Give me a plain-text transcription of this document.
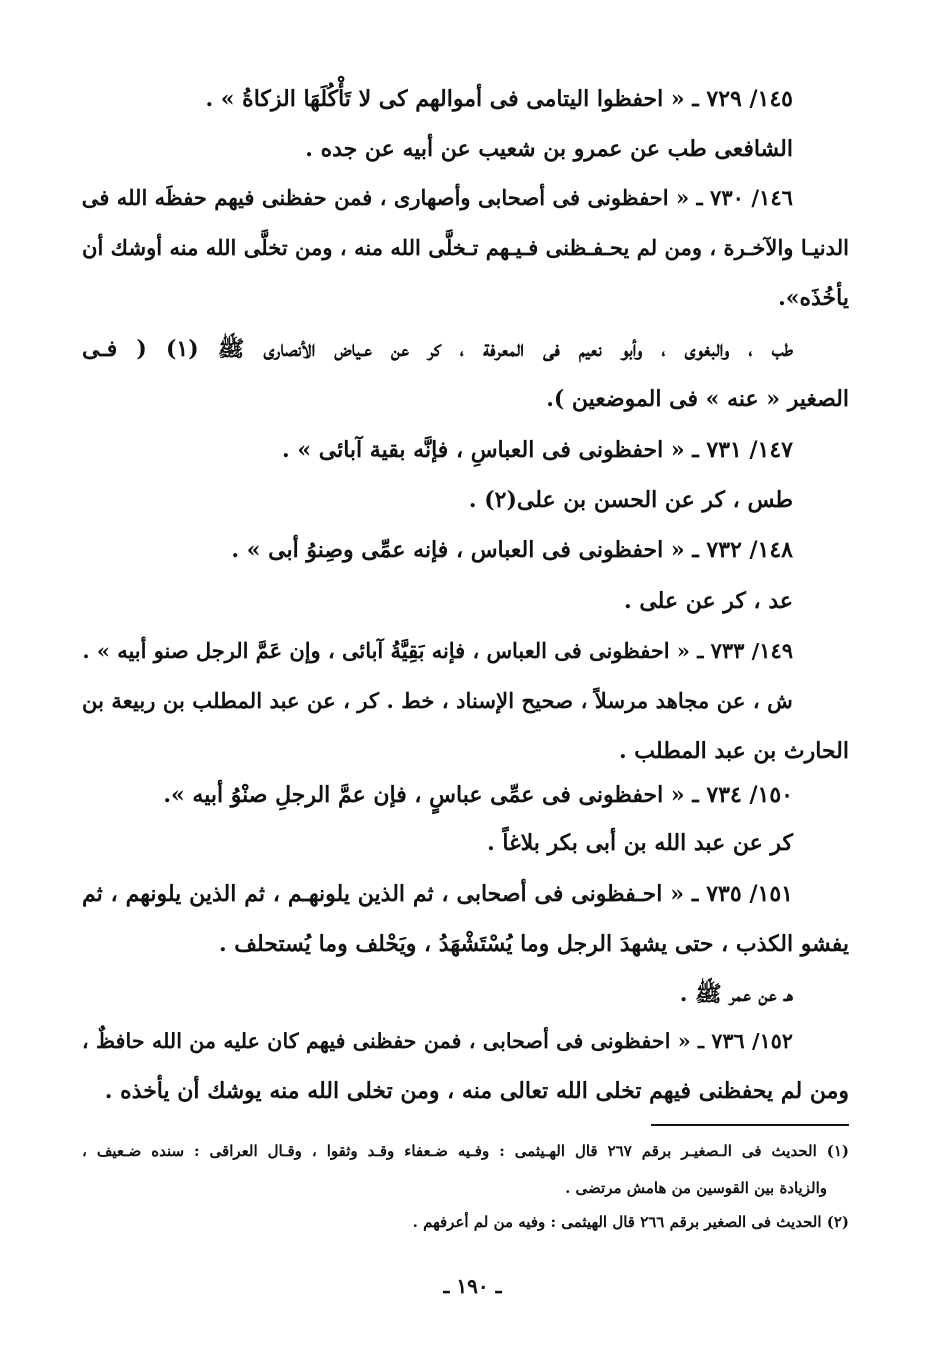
١٤٥/ ٧٢٩ ـ « احفظوا اليتامى فى أموالهم كى لا تَأْكُلَهَا الزكاةُ » .
الشافعى طب عن عمرو بن شعيب عن أبيه عن جده .
١٤٦/ ٧٣٠ ـ « احفظونى فى أصحابى وأصهارى ، فمن حفظنى فيهم حفظَه الله فى
الدنيـا والآخـرة ، ومن لم يحـفـظنى فـيـهم تـخلَّى الله منه ، ومن تخلَّى الله منه أوشك أن
يأخُذَه».
طب ، والبغوى ، وأبو نعيم فى المعرفة ، كر عن عـياض الأنصارى ﷺ (١) ( فـى
الصغير « عنه » فى الموضعين ).
١٤٧/ ٧٣١ ـ « احفظونى فى العباسِ ، فإنَّه بقية آبائى » .
طس ، كر عن الحسن بن على(٢) .
١٤٨/ ٧٣٢ ـ « احفظونى فى العباس ، فإنه عمِّى وصِنوُ أبى » .
عد ، كر عن على .
١٤٩/ ٧٣٣ ـ « احفظونى فى العباس ، فإنه بَقِيَّةُ آبائى ، وإن عَمَّ الرجل صنو أبيه » .
ش ، عن مجاهد مرسلاً ، صحيح الإسناد ، خط . كر ، عن عبد المطلب بن ربيعة بن
الحارث بن عبد المطلب .
١٥٠/ ٧٣٤ ـ « احفظونى فى عمِّى عباسٍ ، فإن عمَّ الرجلِ صنْوُ أبيه ».
كر عن عبد الله بن أبى بكر بلاغاً .
١٥١/ ٧٣٥ ـ « احـفظونى فى أصحابى ، ثم الذين يلونهـم ، ثم الذين يلونهم ، ثم
يفشو الكذب ، حتى يشهدَ الرجل وما يُسْتَشْهَدُ ، ويَحْلف وما يُستحلف .
هـ عن عمر ﷺ .
١٥٢/ ٧٣٦ ـ « احفظونى فى أصحابى ، فمن حفظنى فيهم كان عليه من الله حافظٌ ،
ومن لم يحفظنى فيهم تخلى الله تعالى منه ، ومن تخلى الله منه يوشك أن يأخذه .
(١) الحديث فى الـصغيـر برقم ٢٦٧ قال الهـيثمى : وفـيه ضـعفاء وقـد وثقوا ، وقـال العراقى : سنده ضـعيف ،
والزيادة بين القوسين من هامش مرتضى .
(٢) الحديث فى الصغير برقم ٢٦٦ قال الهيثمى : وفيه من لم أعرفهم .
ـ ١٩٠ ـ
